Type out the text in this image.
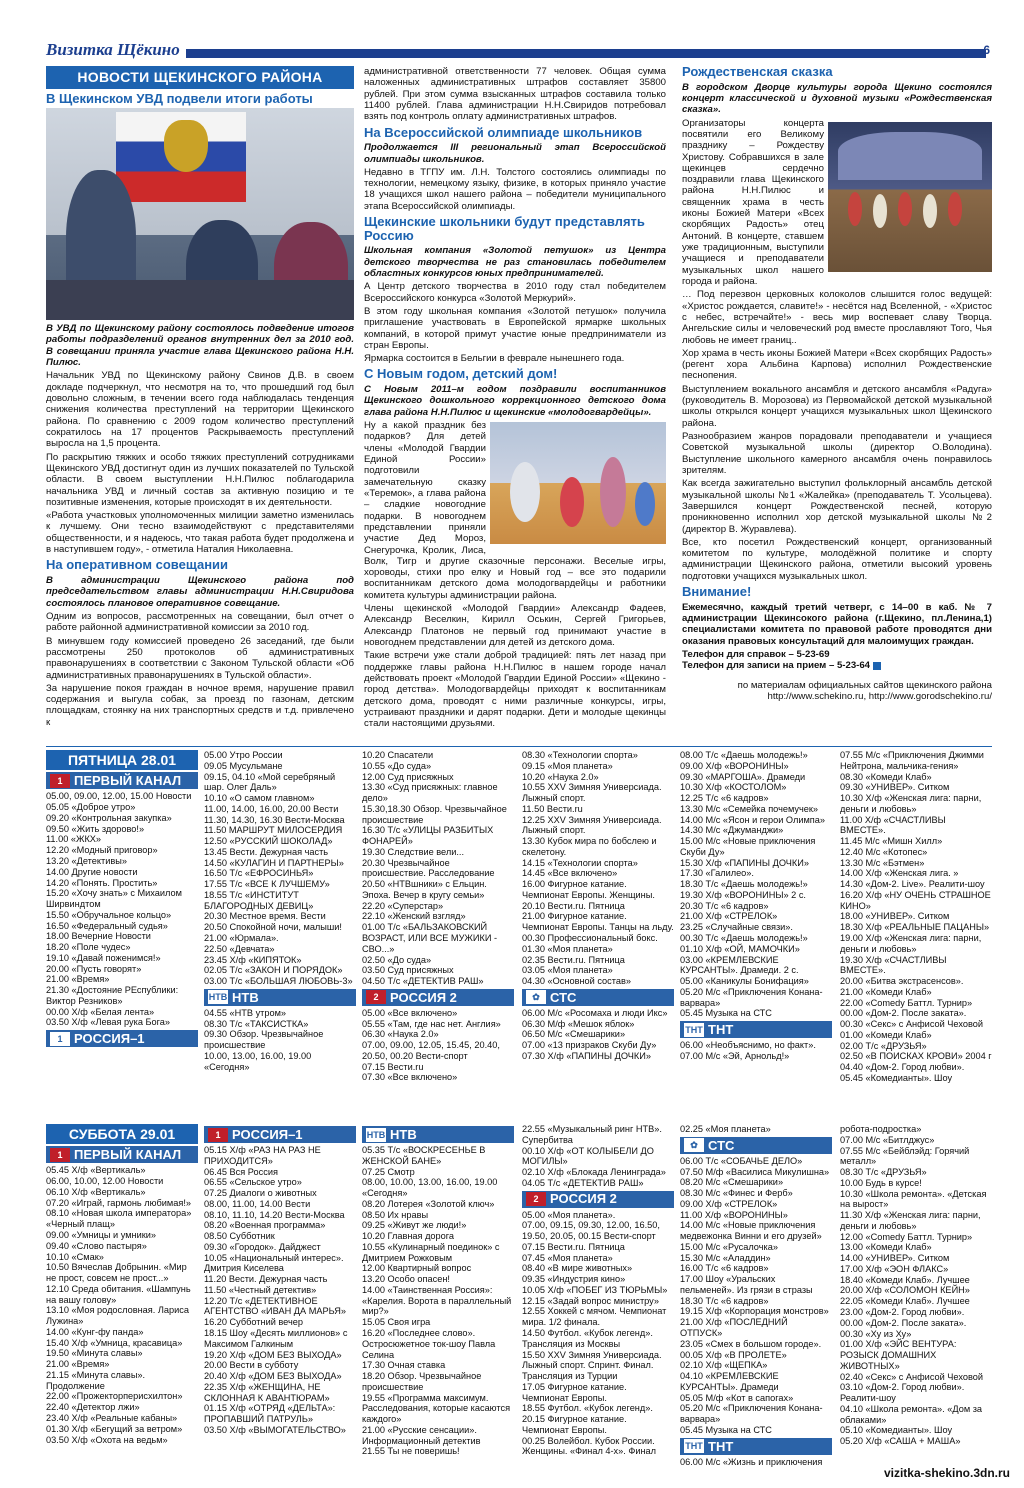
Визитка Щёкино	6
НОВОСТИ ЩЕКИНСКОГО РАЙОНА
В Щекинском УВД подвели итоги работы

В УВД по Щекинскому району состоялось подведение итогов работы подразделений органов внутренних дел за 2010 год. В совещании приняла участие глава Щекинского района Н.Н. Пилюс.

Начальник УВД по Щекинскому району Свинов Д.В. в своем докладе подчеркнул, что несмотря на то, что прошедший год был довольно сложным, в течении всего года наблюдалась тенденция снижения количества преступлений на территории Щекинского района. По сравнению с 2009 годом количество преступлений сократилось на 17 процентов Раскрываемость преступлений выросла на 1,5 процента.

По раскрытию тяжких и особо тяжких преступлений сотрудниками Щекинского УВД достигнут один из лучших показателей по Тульской области. В своем выступлении Н.Н.Пилюс поблагодарила начальника УВД и личный состав за активную позицию и те позитивные изменения, которые происходят в их деятельности.

«Работа участковых уполномоченных милиции заметно изменилась к лучшему. Они тесно взаимодействуют с представителями общественности, и я надеюсь, что такая работа будет продолжена и в наступившем году», - отметила Наталия Николаевна.

На оперативном совещании

В администрации Щекинского района под председательством главы администрации Н.Н.Свиридова состоялось плановое оперативное совещание.

Одним из вопросов, рассмотренных на совещании, был отчет о работе районной административной комиссии за 2010 год.

В минувшем году комиссией проведено 26 заседаний, где были рассмотрены 250 протоколов об административных правонарушениях в соответствии с Законом Тульской области «Об административных правонарушениях в Тульской области».

За нарушение покоя граждан в ночное время, нарушение правил содержания и выгула собак, за проезд по газонам, детским площадкам, стоянку на них транспортных средств и т.д. привлечено к

административной ответственности 77 человек. Общая сумма наложенных административных штрафов составляет 35800 рублей. При этом сумма взысканных штрафов составила только 11400 рублей. Глава администрации Н.Н.Свиридов потребовал взять под контроль оплату административных штрафов.

На Всероссийской олимпиаде школьников

Продолжается III региональный этап Всероссийской олимпиады школьников.

Недавно в ТГПУ им. Л.Н. Толстого состоялись олимпиады по технологии, немецкому языку, физике, в которых приняло участие 18 учащихся школ нашего района – победители муниципального этапа Всероссийской олимпиады.

Щекинские школьники будут представлять Россию

Школьная компания «Золотой петушок» из Центра детского творчества не раз становилась победителем областных конкурсов юных предпринимателей.

А Центр детского творчества в 2010 году стал победителем Всероссийского конкурса «Золотой Меркурий».

В этом году школьная компания «Золотой петушок» получила приглашение участвовать в Европейской ярмарке школьных компаний, в которой примут участие юные предприниматели из стран Европы.

Ярмарка состоится в Бельгии в феврале нынешнего года.

С Новым годом, детский дом!

С Новым 2011–м годом поздравили воспитанников Щекинского дошкольного коррекционного детского дома глава района Н.Н.Пилюс и щекинские «молодогвардейцы».

Ну а какой праздник без подарков? Для детей члены «Молодой Гвардии Единой России» подготовили замечательную сказку «Теремок», а глава района – сладкие новогодние подарки. В новогоднем представлении приняли участие Дед Мороз, Снегурочка, Кролик, Лиса, Волк, Тигр и другие сказочные персонажи. Веселые игры, хороводы, стихи про елку и Новый год – все это подарили воспитанникам детского дома молодогвардейцы и работники комитета культуры администрации района.

Члены щекинской «Молодой Гвардии» Александр Фадеев, Александр Веселкин, Кирилл Оськин, Сергей Григорьев, Александр Платонов не первый год принимают участие в новогоднем представлении для детей из детского дома.

Такие встречи уже стали доброй традицией: пять лет назад при поддержке главы района Н.Н.Пилюс в нашем городе начал действовать проект «Молодой Гвардии Единой России» «Щекино - город детства». Молодогвардейцы приходят к воспитанникам детского дома, проводят с ними различные конкурсы, игры, устраивают праздники и дарят подарки. Дети и молодые щекинцы стали настоящими друзьями.

Рождественская сказка

В городском Дворце культуры города Щекино состоялся концерт классической и духовной музыки «Рождественская сказка».

Организаторы концерта посвятили его Великому празднику – Рождеству Христову. Собравшихся в зале щекинцев сердечно поздравили глава Щекинского района Н.Н.Пилюс и священник храма в честь иконы Божией Матери «Всех скорбящих Радость» отец Антоний. В концерте, ставшем уже традиционным, выступили учащиеся и преподаватели музыкальных школ нашего города и района.

… Под перезвон церковных колоколов слышится голос ведущей: «Христос рождается, славите!» - несётся над Вселенной, - «Христос с небес, встречайте!» - весь мир воспевает славу Творца. Ангельские силы и человеческий род вместе прославляют Того, Чья любовь не имеет границ..

Хор храма в честь иконы Божией Матери «Всех скорбящих Радость» (регент хора Альбина Карпова) исполнил Рождественские песнопения.

Выступлением вокального ансамбля и детского ансамбля «Радуга» (руководитель В. Морозова) из Первомайской детской музыкальной школы открылся концерт учащихся музыкальных школ Щекинского района.

Разнообразием жанров порадовали преподаватели и учащиеся Советской музыкальной школы (директор О.Володина). Выступление школьного камерного ансамбля очень понравилось зрителям.

Как всегда зажигательно выступил фольклорный ансамбль детской музыкальной школы №1 «Жалейка» (преподаватель Т. Усольцева). Завершился концерт Рождественской песней, которую проникновенно исполнил хор детской музыкальной школы №2 (директор В. Журавлева).

Все, кто посетил Рождественский концерт, организованный комитетом по культуре, молодёжной политике и спорту администрации Щекинского района, отметили высокий уровень подготовки учащихся музыкальных школ.

Внимание!

Ежемесячно, каждый третий четверг, с 14–00 в каб. № 7 администрации Щекинсокого района (г.Щекино, пл.Ленина,1) специалистами комитета по правовой работе проводятся дни оказания правовых консультаций для малоимущих граждан.

Телефон для справок – 5-23-69

Телефон для записи на прием – 5-23-64

по материалам официальных сайтов щекинского района

http://www.schekino.ru, http://www.gorodschekino.ru/

ПЯТНИЦА 28.01
1 ПЕРВЫЙ КАНАЛ
05.00, 09.00, 12.00, 15.00 Новости
05.05 «Доброе утро»
09.20 «Контрольная закупка»
09.50 «Жить здорово!»
11.00 «ЖКХ»
12.20 «Модный приговор»
13.20 «Детективы»
14.00 Другие новости
14.20 «Понять. Простить»
15.20 «Хочу знать» с Михаилом Ширвиндтом
15.50 «Обручальное кольцо»
16.50 «Федеральный судья»
18.00 Вечерние Новости
18.20 «Поле чудес»
19.10 «Давай поженимся!»
20.00 «Пусть говорят»
21.00 «Время»
21.30 «Достояние РЕспублики: Виктор Резников»
00.00 Х/ф «Белая лента»
03.50 Х/ф «Левая рука Бога»
1 РОССИЯ–1
05.00 Утро России
09.05 Мусульмане
09.15, 04.10 «Мой серебряный шар. Олег Даль»
10.10 «О самом главном»
11.00, 14.00, 16.00, 20.00 Вести
11.30, 14.30, 16.30 Вести-Москва
11.50 МАРШРУТ МИЛОСЕРДИЯ
12.50 «РУССКИЙ ШОКОЛАД»
13.45 Вести. Дежурная часть
14.50 «КУЛАГИН И ПАРТНЕРЫ»
16.50 Т/с «ЕФРОСИНЬЯ»
17.55 Т/с «ВСЕ К ЛУЧШЕМУ»
18.55 Т/с «ИНСТИТУТ БЛАГОРОДНЫХ ДЕВИЦ»
20.30 Местное время. Вести
20.50 Спокойной ночи, малыши!
21.00 «Юрмала».
22.50 «Девчата»
23.45 Х/ф «КИПЯТОК»
02.05 Т/с «ЗАКОН И ПОРЯДОК»
03.00 Т/с «БОЛЬШАЯ ЛЮБОВЬ-3»
НТВ НТВ
04.55 «НТВ утром»
08.30 Т/с «ТАКСИСТКА»
09.30 Обзор. Чрезвычайное происшествие
10.00, 13.00, 16.00, 19.00 «Сегодня»
10.20 Спасатели
10.55 «До суда»
12.00 Суд присяжных
13.30 «Суд присяжных: главное дело»
15.30,18.30 Обзор. Чрезвычайное происшествие
16.30 Т/с «УЛИЦЫ РАЗБИТЫХ ФОНАРЕЙ»
19.30 Следствие вели...
20.30 Чрезвычайное происшествие. Расследование
20.50 «НТВшники» с Ельцин. Эпоха. Вечер в кругу семьи»
22.20 «Суперстар»
22.10 «Женский взгляд»
01.00 Т/с «БАЛЬЗАКОВСКИЙ ВОЗРАСТ, ИЛИ ВСЕ МУЖИКИ - СВО...»
02.50 «До суда»
03.50 Суд присяжных
04.50 Т/с «ДЕТЕКТИВ РАШ»
2 РОССИЯ 2
05.00 «Все включено»
05.55 «Там, где нас нет. Англия»
06.30 «Наука 2.0»
07.00, 09.00, 12.05, 15.45, 20.40, 20.50, 00.20 Вести-спорт
07.15 Вести.ru
07.30 «Все включено»
08.30 «Технологии спорта»
09.15 «Моя планета»
10.20 «Наука 2.0»
10.55 ХХV Зимняя Универсиада. Лыжный спорт.
11.50 Вести.ru
12.25 ХХV Зимняя Универсиада. Лыжный спорт.
13.30 Кубок мира по бобслею и скелетону.
14.15 «Технологии спорта»
14.45 «Все включено»
16.00 Фигурное катание. Чемпионат Европы. Женщины.
20.10 Вести.ru. Пятница
21.00 Фигурное катание. Чемпионат Европы. Танцы на льду. 00.30 Профессиональный бокс.
01.30 «Моя планета»
02.35 Вести.ru. Пятница
03.05 «Моя планета»
04.30 «Основной состав»
✿ СТС
06.00 М/с «Росомаха и люди Икс»
06.30 М/ф «Мешок яблок»
06.50 М/с «Смешарики»
07.00 «13 призраков Скуби Ду»
07.30 Х/ф «ПАПИНЫ ДОЧКИ»
08.00 Т/с «Даешь молодежь!»
09.00 Х/ф «ВОРОНИНЫ»
09.30 «МАРГОША». Драмеди
10.30 Х/ф «КОСТОЛОМ»
12.25 Т/с «6 кадров»
13.30 М/с «Семейка почемучек»
14.00 М/с «Ясон и герои Олимпа»
14.30 М/с «Джуманджи»
15.00 М/с «Новые приключения Скуби Ду»
15.30 Х/ф «ПАПИНЫ ДОЧКИ»
17.30 «Галилео».
18.30 Т/с «Даешь молодежь!»
19.30 Х/ф «ВОРОНИНЫ» 2 с.
20.30 Т/с «6 кадров»
21.00 Х/ф «СТРЕЛОК»
23.25 «Случайные связи».
00.30 Т/с «Даешь молодежь!»
01.10 Х/ф «ОЙ, МАМОЧКИ»
03.00 «КРЕМЛЕВСКИЕ КУРСАНТЫ». Драмеди. 2 с.
05.00 «Каникулы Бонифация»
05.20 М/с «Приключения Конана-варвара»
05.45 Музыка на СТС
ТНТ ТНТ
06.00 «Необъяснимо, но факт».
07.00 М/с «Эй, Арнольд!»
07.55 М/с «Приключения Джимми Нейтрона, мальчика-гения»
08.30 «Комеди Клаб»
09.30 «УНИВЕР». Ситком
10.30 Х/ф «Женская лига: парни, деньги и любовь»
11.00 Х/ф «СЧАСТЛИВЫ ВМЕСТЕ».
11.45 М/с «Мишн Хилл»
12.40 М/с «Котопес»
13.30 М/с «Бэтмен»
14.00 Х/ф «Женская лига. »
14.30 «Дом-2. Live». Реалити-шоу
16.20 Х/ф «НУ ОЧЕНЬ СТРАШНОЕ КИНО»
18.00 «УНИВЕР». Ситком
18.30 Х/ф «РЕАЛЬНЫЕ ПАЦАНЫ»
19.00 Х/ф «Женская лига: парни, деньги и любовь»
19.30 Х/ф «СЧАСТЛИВЫ ВМЕСТЕ».
20.00 «Битва экстрасенсов».
21.00 «Комеди Клаб»
22.00 «Comedy Баттл. Турнир»
00.00 «Дом-2. После заката».
00.30 «Секс» с Анфисой Чеховой
01.00 «Комеди Клаб»
02.00 Т/с «ДРУЗЬЯ»
02.50 «В ПОИСКАХ КРОВИ» 2004 г
04.40 «Дом-2. Город любви».
05.45 «Комедианты». Шоу
СУББОТА 29.01
1 ПЕРВЫЙ КАНАЛ
05.45 Х/ф «Вертикаль»
06.00, 10.00, 12.00 Новости
06.10 Х/ф «Вертикаль»
07.20 «Играй, гармонь любимая!»
08.10 «Новая школа императора»
«Черный плащ»
09.00 «Умницы и умники»
09.40 «Слово пастыря»
10.10 «Смак»
10.50 Вячеслав Добрынин. «Мир не прост, совсем не прост...»
12.10 Среда обитания. «Шампунь на вашу голову»
13.10 «Моя родословная. Лариса Лужина»
14.00 «Кунг-фу панда»
15.40 Х/ф «Умница, красавица»
19.50 «Минута славы»
21.00 «Время»
21.15 «Минута славы». Продолжение
22.00 «Прожекторперисхилтон»
22.40 «Детектор лжи»
23.40 Х/ф «Реальные кабаны»
01.30 Х/ф «Бегущий за ветром»
03.50 Х/ф «Охота на ведьм»
1 РОССИЯ–1
05.15 Х/ф «РАЗ НА РАЗ НЕ ПРИХОДИТСЯ»
06.45 Вся Россия
06.55 «Сельское утро»
07.25 Диалоги о животных
08.00, 11.00, 14.00 Вести
08.10, 11.10, 14.20 Вести-Москва
08.20 «Военная программа»
08.50 Субботник
09.30 «Городок». Дайджест
10.05 «Национальный интерес». Дмитрия Киселева
11.20 Вести. Дежурная часть
11.50 «Честный детектив»
12.20 Т/с «ДЕТЕКТИВНОЕ АГЕНТСТВО «ИВАН ДА МАРЬЯ»
16.20 Субботний вечер
18.15 Шоу «Десять миллионов» с Максимом Галкиным
19.20 Х/ф «ДОМ БЕЗ ВЫХОДА»
20.00 Вести в субботу
20.40 Х/ф «ДОМ БЕЗ ВЫХОДА»
22.35 Х/ф «ЖЕНЩИНА, НЕ СКЛОННАЯ К АВАНТЮРАМ»
01.15 Х/ф «ОТРЯД «ДЕЛЬТА»: ПРОПАВШИЙ ПАТРУЛЬ»
03.50 Х/ф «ВЫМОГАТЕЛЬСТВО»
НТВ НТВ
05.35 Т/с «ВОСКРЕСЕНЬЕ В ЖЕНСКОЙ БАНЕ»
07.25 Смотр
08.00, 10.00, 13.00, 16.00, 19.00 «Сегодня»
08.20 Лотерея «Золотой ключ»
08.50 Их нравы
09.25 «Живут же люди!»
10.20 Главная дорога
10.55 «Кулинарный поединок» с Дмитрием Рожковым
12.00 Квартирный вопрос
13.20 Особо опасен!
14.00 «Таинственная Россия»: «Карелия. Ворота в параллельный мир?»
15.05 Своя игра
16.20 «Последнее слово». Остросюжетное ток-шоу Павла Селина
17.30 Очная ставка
18.20 Обзор. Чрезвычайное происшествие
19.55 «Программа максимум. Расследования, которые касаются каждого»
21.00 «Русские сенсации». Информационный детектив
21.55 Ты не поверишь!
22.55 «Музыкальный ринг НТВ». Супербитва
00.10 Х/ф «ОТ КОЛЫБЕЛИ ДО МОГИЛЫ»
02.10 Х/ф «Блокада Ленинграда»
04.05 Т/с «ДЕТЕКТИВ РАШ»
2 РОССИЯ 2
05.00 «Моя планета».
07.00, 09.15, 09.30, 12.00, 16.50, 19.50, 20.05, 00.15 Вести-спорт
07.15 Вести.ru. Пятница
07.45 «Моя планета»
08.40 «В мире животных»
09.35 «Индустрия кино»
10.05 Х/ф «ПОБЕГ ИЗ ТЮРЬМЫ»
12.15 «Задай вопрос министру»
12.55 Хоккей с мячом. Чемпионат мира. 1/2 финала.
14.50 Футбол. «Кубок легенд». Трансляция из Москвы
15.50 ХХV Зимняя Универсиада. Лыжный спорт. Спринт. Финал. Трансляция из Турции
17.05 Фигурное катание. Чемпионат Европы.
18.55 Футбол. «Кубок легенд».
20.15 Фигурное катание. Чемпионат Европы.
00.25 Волейбол. Кубок России. Женщины. «Финал 4-х». Финал
02.25 «Моя планета»
✿ СТС
06.00 Т/с «СОБАЧЬЕ ДЕЛО»
07.50 М/ф «Василиса Микулишна»
08.20 М/с «Смешарики»
08.30 М/с «Финес и Ферб»
09.00 Х/ф «СТРЕЛОК»
11.00 Х/ф «ВОРОНИНЫ»
14.00 М/с «Новые приключения медвежонка Винни и его друзей»
15.00 М/с «Русалочка»
15.30 М/с «Аладдин»
16.00 Т/с «6 кадров»
17.00 Шоу «Уральских пельменей». Из грязи в стразы
18.30 Т/с «6 кадров»
19.15 Х/ф «Корпорация монстров»
21.00 Х/ф «ПОСЛЕДНИЙ ОТПУСК»
23.05 «Смех в большом городе».
00.05 Х/ф «В ПРОЛЕТЕ»
02.10 Х/ф «ЩЕПКА»
04.10 «КРЕМЛЕВСКИЕ КУРСАНТЫ». Драмеди
05.05 М/ф «Кот в сапогах»
05.20 М/с «Приключения Конана-варвара»
05.45 Музыка на СТС
ТНТ ТНТ
06.00 М/с «Жизнь и приключения
робота-подростка»
07.00 М/с «Битлджус»
07.55 М/с «Бейблэйд: Горячий металл»
08.30 Т/с «ДРУЗЬЯ»
10.00 Будь в курсе!
10.30 «Школа ремонта». «Детская на вырост»
11.30 Х/ф «Женская лига: парни, деньги и любовь»
12.00 «Comedy Баттл. Турнир»
13.00 «Комеди Клаб»
14.00 «УНИВЕР». Ситком
17.00 Х/ф «ЭОН ФЛАКС»
18.40 «Комеди Клаб». Лучшее
20.00 Х/ф «СОЛОМОН КЕЙН»
22.05 «Комеди Клаб». Лучшее
23.00 «Дом-2. Город любви».
00.00 «Дом-2. После заката».
00.30 «Ху из Ху»
01.00 Х/ф «ЭЙС ВЕНТУРА: РОЗЫСК ДОМАШНИХ ЖИВОТНЫХ»
02.40 «Секс» с Анфисой Чеховой
03.10 «Дом-2. Город любви». Реалити-шоу
04.10 «Школа ремонта». «Дом за облаками»
05.10 «Комедианты». Шоу
05.20 Х/ф «САША + МАША»
vizitka-shekino.3dn.ru
